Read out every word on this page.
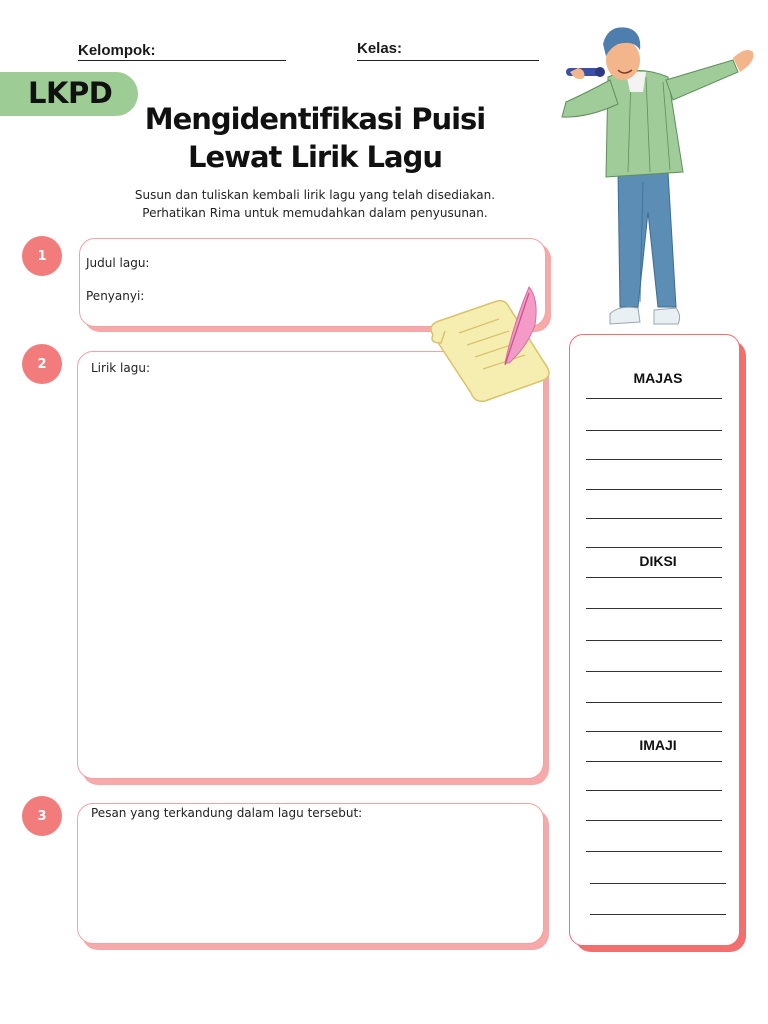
Kelompok:	Kelas:
LKPD
Mengidentifikasi Puisi
Lewat Lirik Lagu
Susun dan tuliskan kembali lirik lagu yang telah disediakan.
Perhatikan Rima untuk memudahkan dalam penyusunan.
1	Judul lagu:
Penyanyi:
2	Lirik lagu:
3	Pesan yang terkandung dalam lagu tersebut:
MAJAS
DIKSI
IMAJI
